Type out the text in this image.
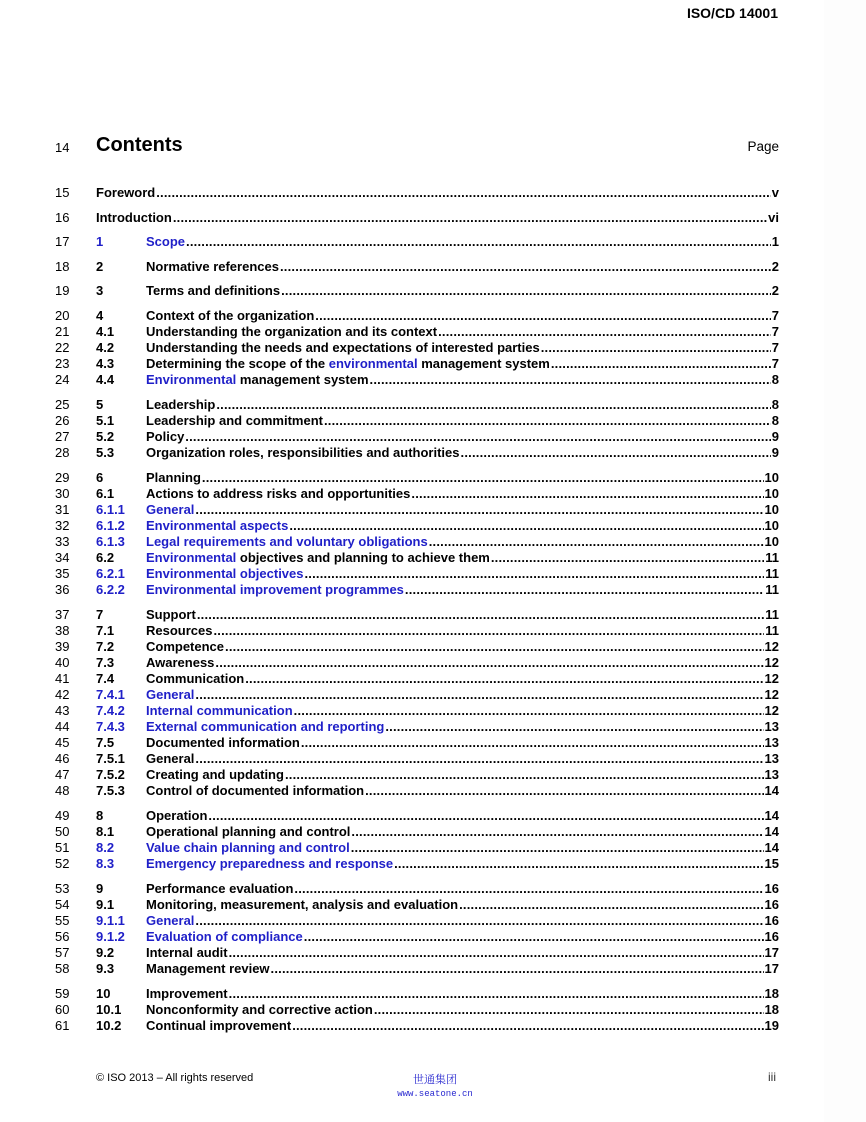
ISO/CD 14001
14 Contents	Page
15 Foreword .....	v
16 Introduction .....	vi
17 1	Scope .....	1
18 2	Normative references .....	2
19 3	Terms and definitions .....	2
20 4	Context of the organization .....	7
21 4.1 Understanding the organization and its context .....	7
22 4.2 Understanding the needs and expectations of interested parties .....	7
23 4.3 Determining the scope of the environmental management system .....	7
24 4.4 Environmental management system .....	8
25 5	Leadership .....	8
26 5.1 Leadership and commitment .....	8
27 5.2 Policy .....	9
28 5.3 Organization roles, responsibilities and authorities .....	9
29 6	Planning .....	10
30 6.1 Actions to address risks and opportunities .....	10
31 6.1.1 General .....	10
32 6.1.2 Environmental aspects .....	10
33 6.1.3 Legal requirements and voluntary obligations .....	10
34 6.2 Environmental objectives and planning to achieve them .....	11
35 6.2.1 Environmental objectives .....	11
36 6.2.2 Environmental improvement programmes .....	11
37 7	Support .....	11
38 7.1 Resources .....	11
39 7.2 Competence .....	12
40 7.3 Awareness .....	12
41 7.4 Communication .....	12
42 7.4.1 General .....	12
43 7.4.2 Internal communication .....	12
44 7.4.3 External communication and reporting .....	13
45 7.5 Documented information .....	13
46 7.5.1 General .....	13
47 7.5.2 Creating and updating .....	13
48 7.5.3 Control of documented information .....	14
49 8	Operation .....	14
50 8.1 Operational planning and control .....	14
51 8.2 Value chain planning and control .....	14
52 8.3 Emergency preparedness and response .....	15
53 9	Performance evaluation .....	16
54 9.1 Monitoring, measurement, analysis and evaluation .....	16
55 9.1.1 General .....	16
56 9.1.2 Evaluation of compliance .....	16
57 9.2 Internal audit .....	17
58 9.3 Management review .....	17
59 10	Improvement .....	18
60 10.1 Nonconformity and corrective action .....	18
61 10.2 Continual improvement .....	19
© ISO 2013 – All rights reserved	世通集团
www.seatone.cn
iii
